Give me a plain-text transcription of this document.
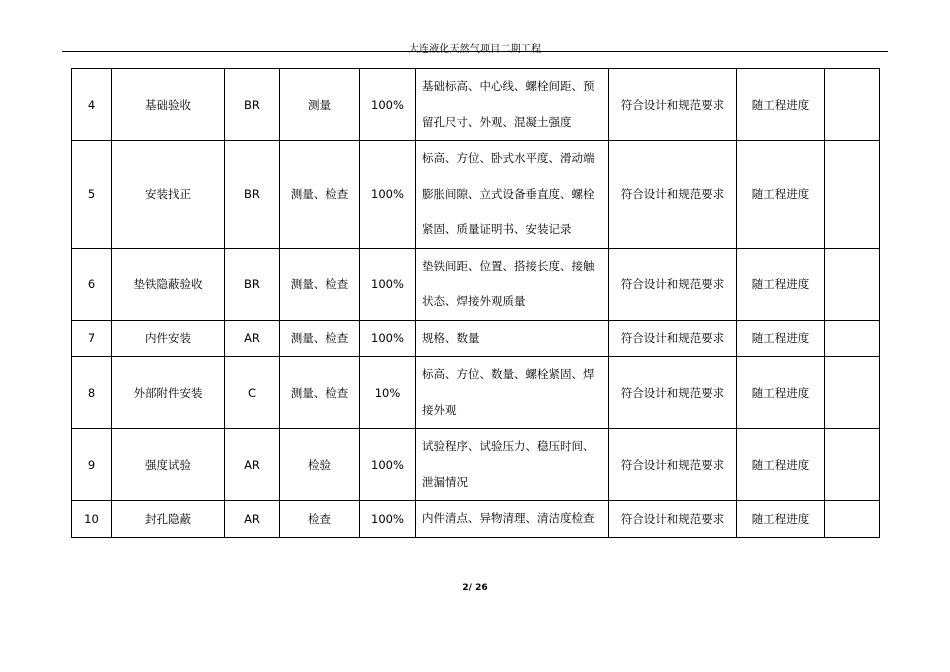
大连液化天然气项目二期工程
4	基础验收	BR	测量	100%	基础标高、中心线、螺栓间距、预留孔尺寸、外观、混凝土强度	符合设计和规范要求	随工程进度	
5	安装找正	BR	测量、检查	100%	标高、方位、卧式水平度、滑动端膨胀间隙、立式设备垂直度、螺栓紧固、质量证明书、安装记录	符合设计和规范要求	随工程进度	
6	垫铁隐蔽验收	BR	测量、检查	100%	垫铁间距、位置、搭接长度、接触状态、焊接外观质量	符合设计和规范要求	随工程进度	
7	内件安装	AR	测量、检查	100%	规格、数量	符合设计和规范要求	随工程进度	
8	外部附件安装	C	测量、检查	10%	标高、方位、数量、螺栓紧固、焊接外观	符合设计和规范要求	随工程进度	
9	强度试验	AR	检验	100%	试验程序、试验压力、稳压时间、泄漏情况	符合设计和规范要求	随工程进度	
10	封孔隐蔽	AR	检查	100%	内件清点、异物清理、清洁度检查	符合设计和规范要求	随工程进度	
2/ 26
